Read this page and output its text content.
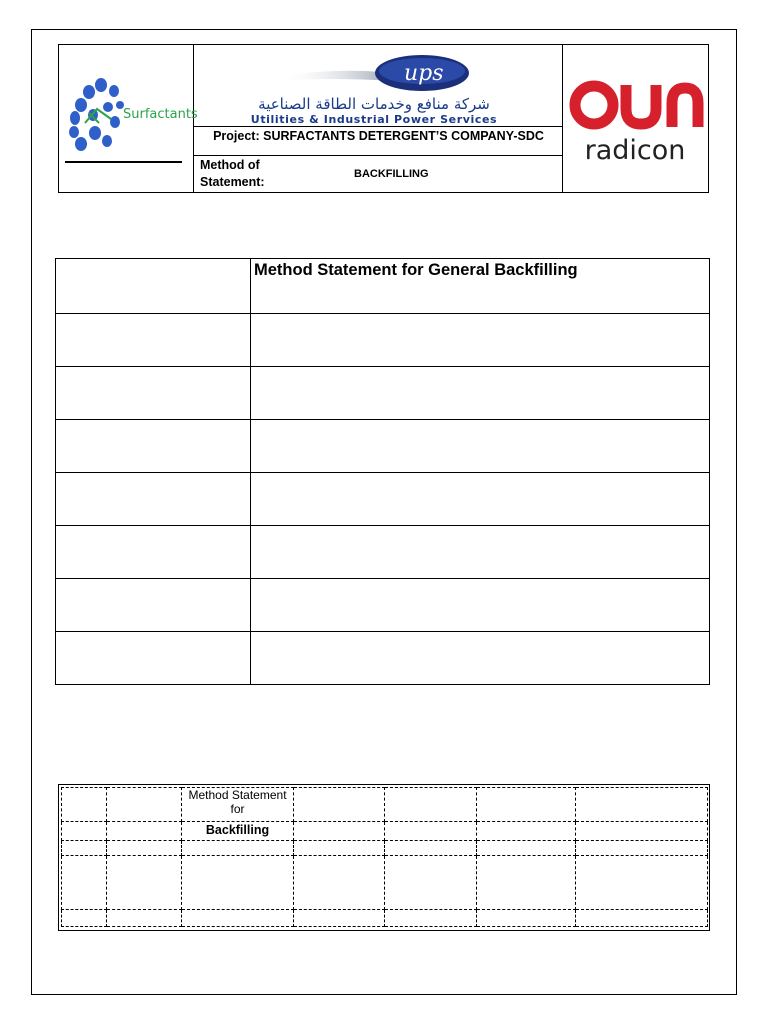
Surfactants
ups
شركة منافع وخدمات الطاقة الصناعية
Utilities & Industrial Power Services
Project: SURFACTANTS DETERGENT’S COMPANY-SDC
Method of Statement:
BACKFILLING
radicon
	Method Statement for General Backfilling

		Method Statement
for				

		Backfilling				
